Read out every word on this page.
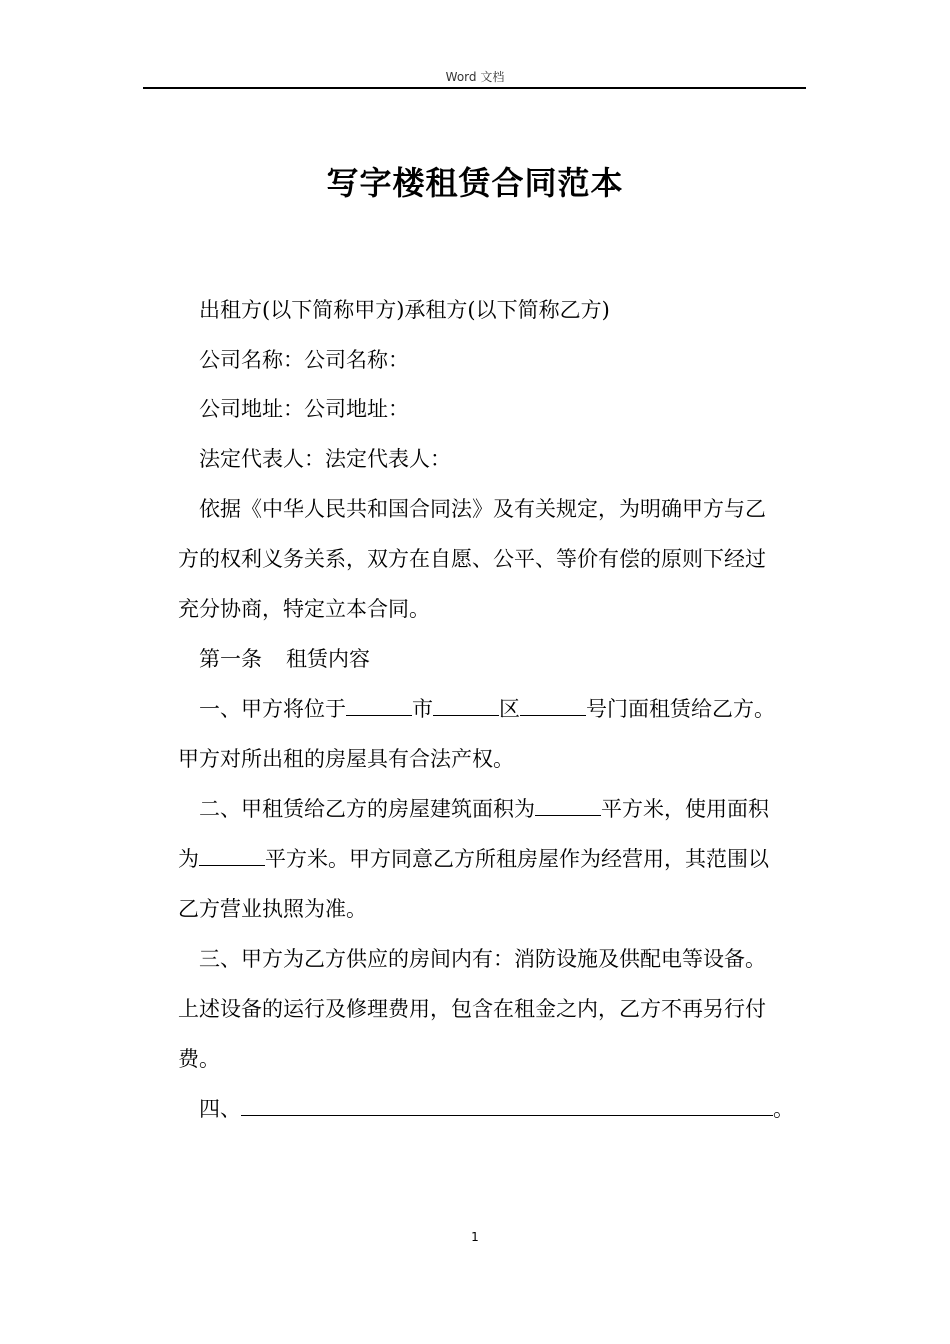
Word 文档
写字楼租赁合同范本
出租方(以下简称甲方)承租方(以下简称乙方)
公司名称：公司名称：
公司地址：公司地址：
法定代表人：法定代表人：
依据《中华人民共和国合同法》及有关规定，为明确甲方与乙
方的权利义务关系，双方在自愿、公平、等价有偿的原则下经过
充分协商，特定立本合同。
第一条 租赁内容
一、甲方将位于	市	区	号门面租赁给乙方。
甲方对所出租的房屋具有合法产权。
二、甲租赁给乙方的房屋建筑面积为	平方米，使用面积
为	平方米。甲方同意乙方所租房屋作为经营用，其范围以
乙方营业执照为准。
三、甲方为乙方供应的房间内有：消防设施及供配电等设备。
上述设备的运行及修理费用，包含在租金之内，乙方不再另行付
费。
四、	。
1
